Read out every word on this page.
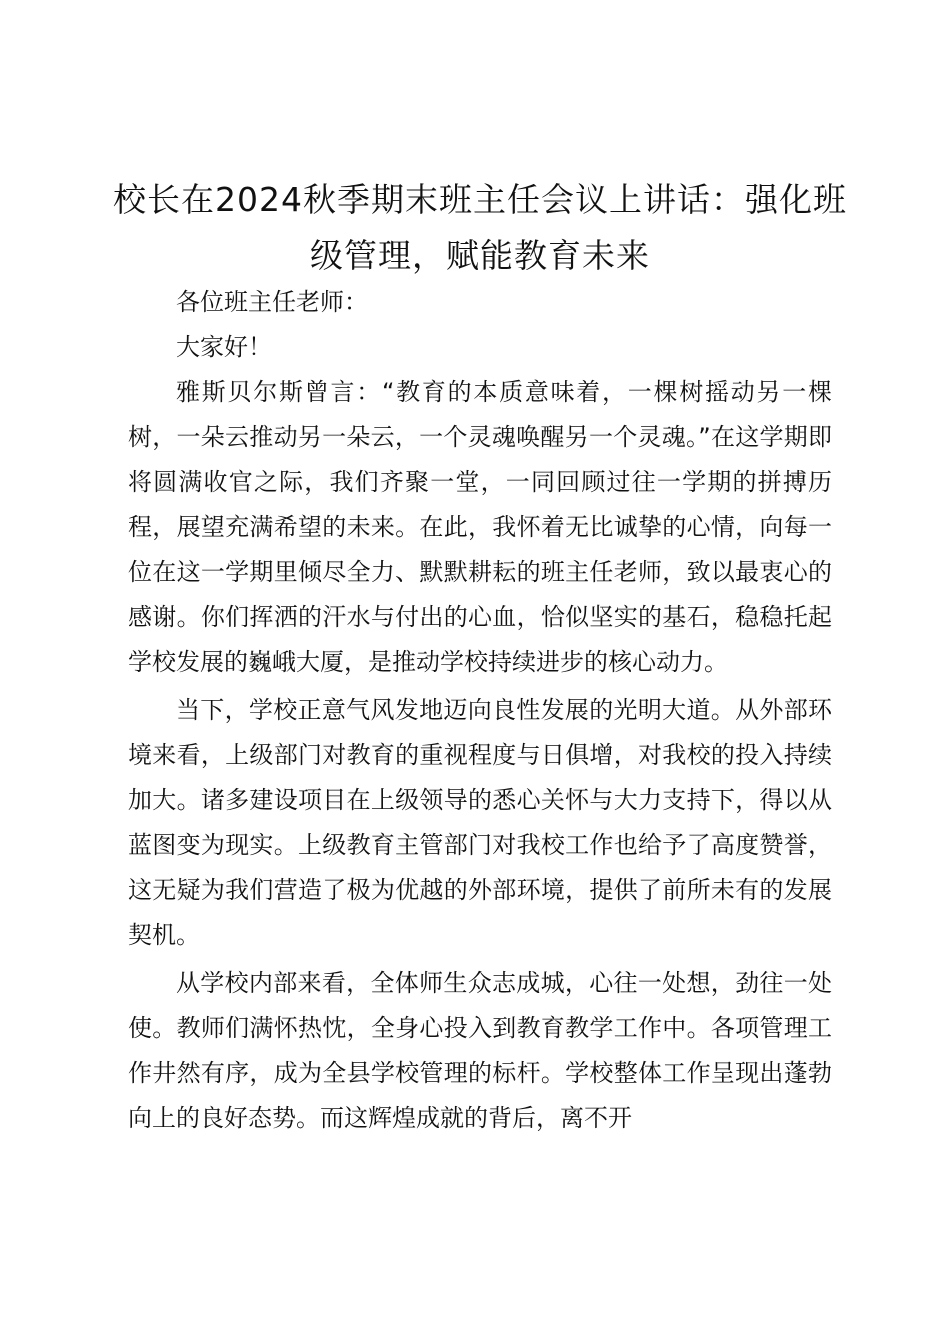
校长在2024秋季期末班主任会议上讲话：强化班级管理，赋能教育未来

各位班主任老师：

大家好！

雅斯贝尔斯曾言：“教育的本质意味着，一棵树摇动另一棵树，一朵云推动另一朵云，一个灵魂唤醒另一个灵魂。”在这学期即将圆满收官之际，我们齐聚一堂，一同回顾过往一学期的拼搏历程，展望充满希望的未来。在此，我怀着无比诚挚的心情，向每一位在这一学期里倾尽全力、默默耕耘的班主任老师，致以最衷心的感谢。你们挥洒的汗水与付出的心血，恰似坚实的基石，稳稳托起学校发展的巍峨大厦，是推动学校持续进步的核心动力。

当下，学校正意气风发地迈向良性发展的光明大道。从外部环境来看，上级部门对教育的重视程度与日俱增，对我校的投入持续加大。诸多建设项目在上级领导的悉心关怀与大力支持下，得以从蓝图变为现实。上级教育主管部门对我校工作也给予了高度赞誉，这无疑为我们营造了极为优越的外部环境，提供了前所未有的发展契机。

从学校内部来看，全体师生众志成城，心往一处想，劲往一处使。教师们满怀热忱，全身心投入到教育教学工作中。各项管理工作井然有序，成为全县学校管理的标杆。学校整体工作呈现出蓬勃向上的良好态势。而这辉煌成就的背后，离不开
